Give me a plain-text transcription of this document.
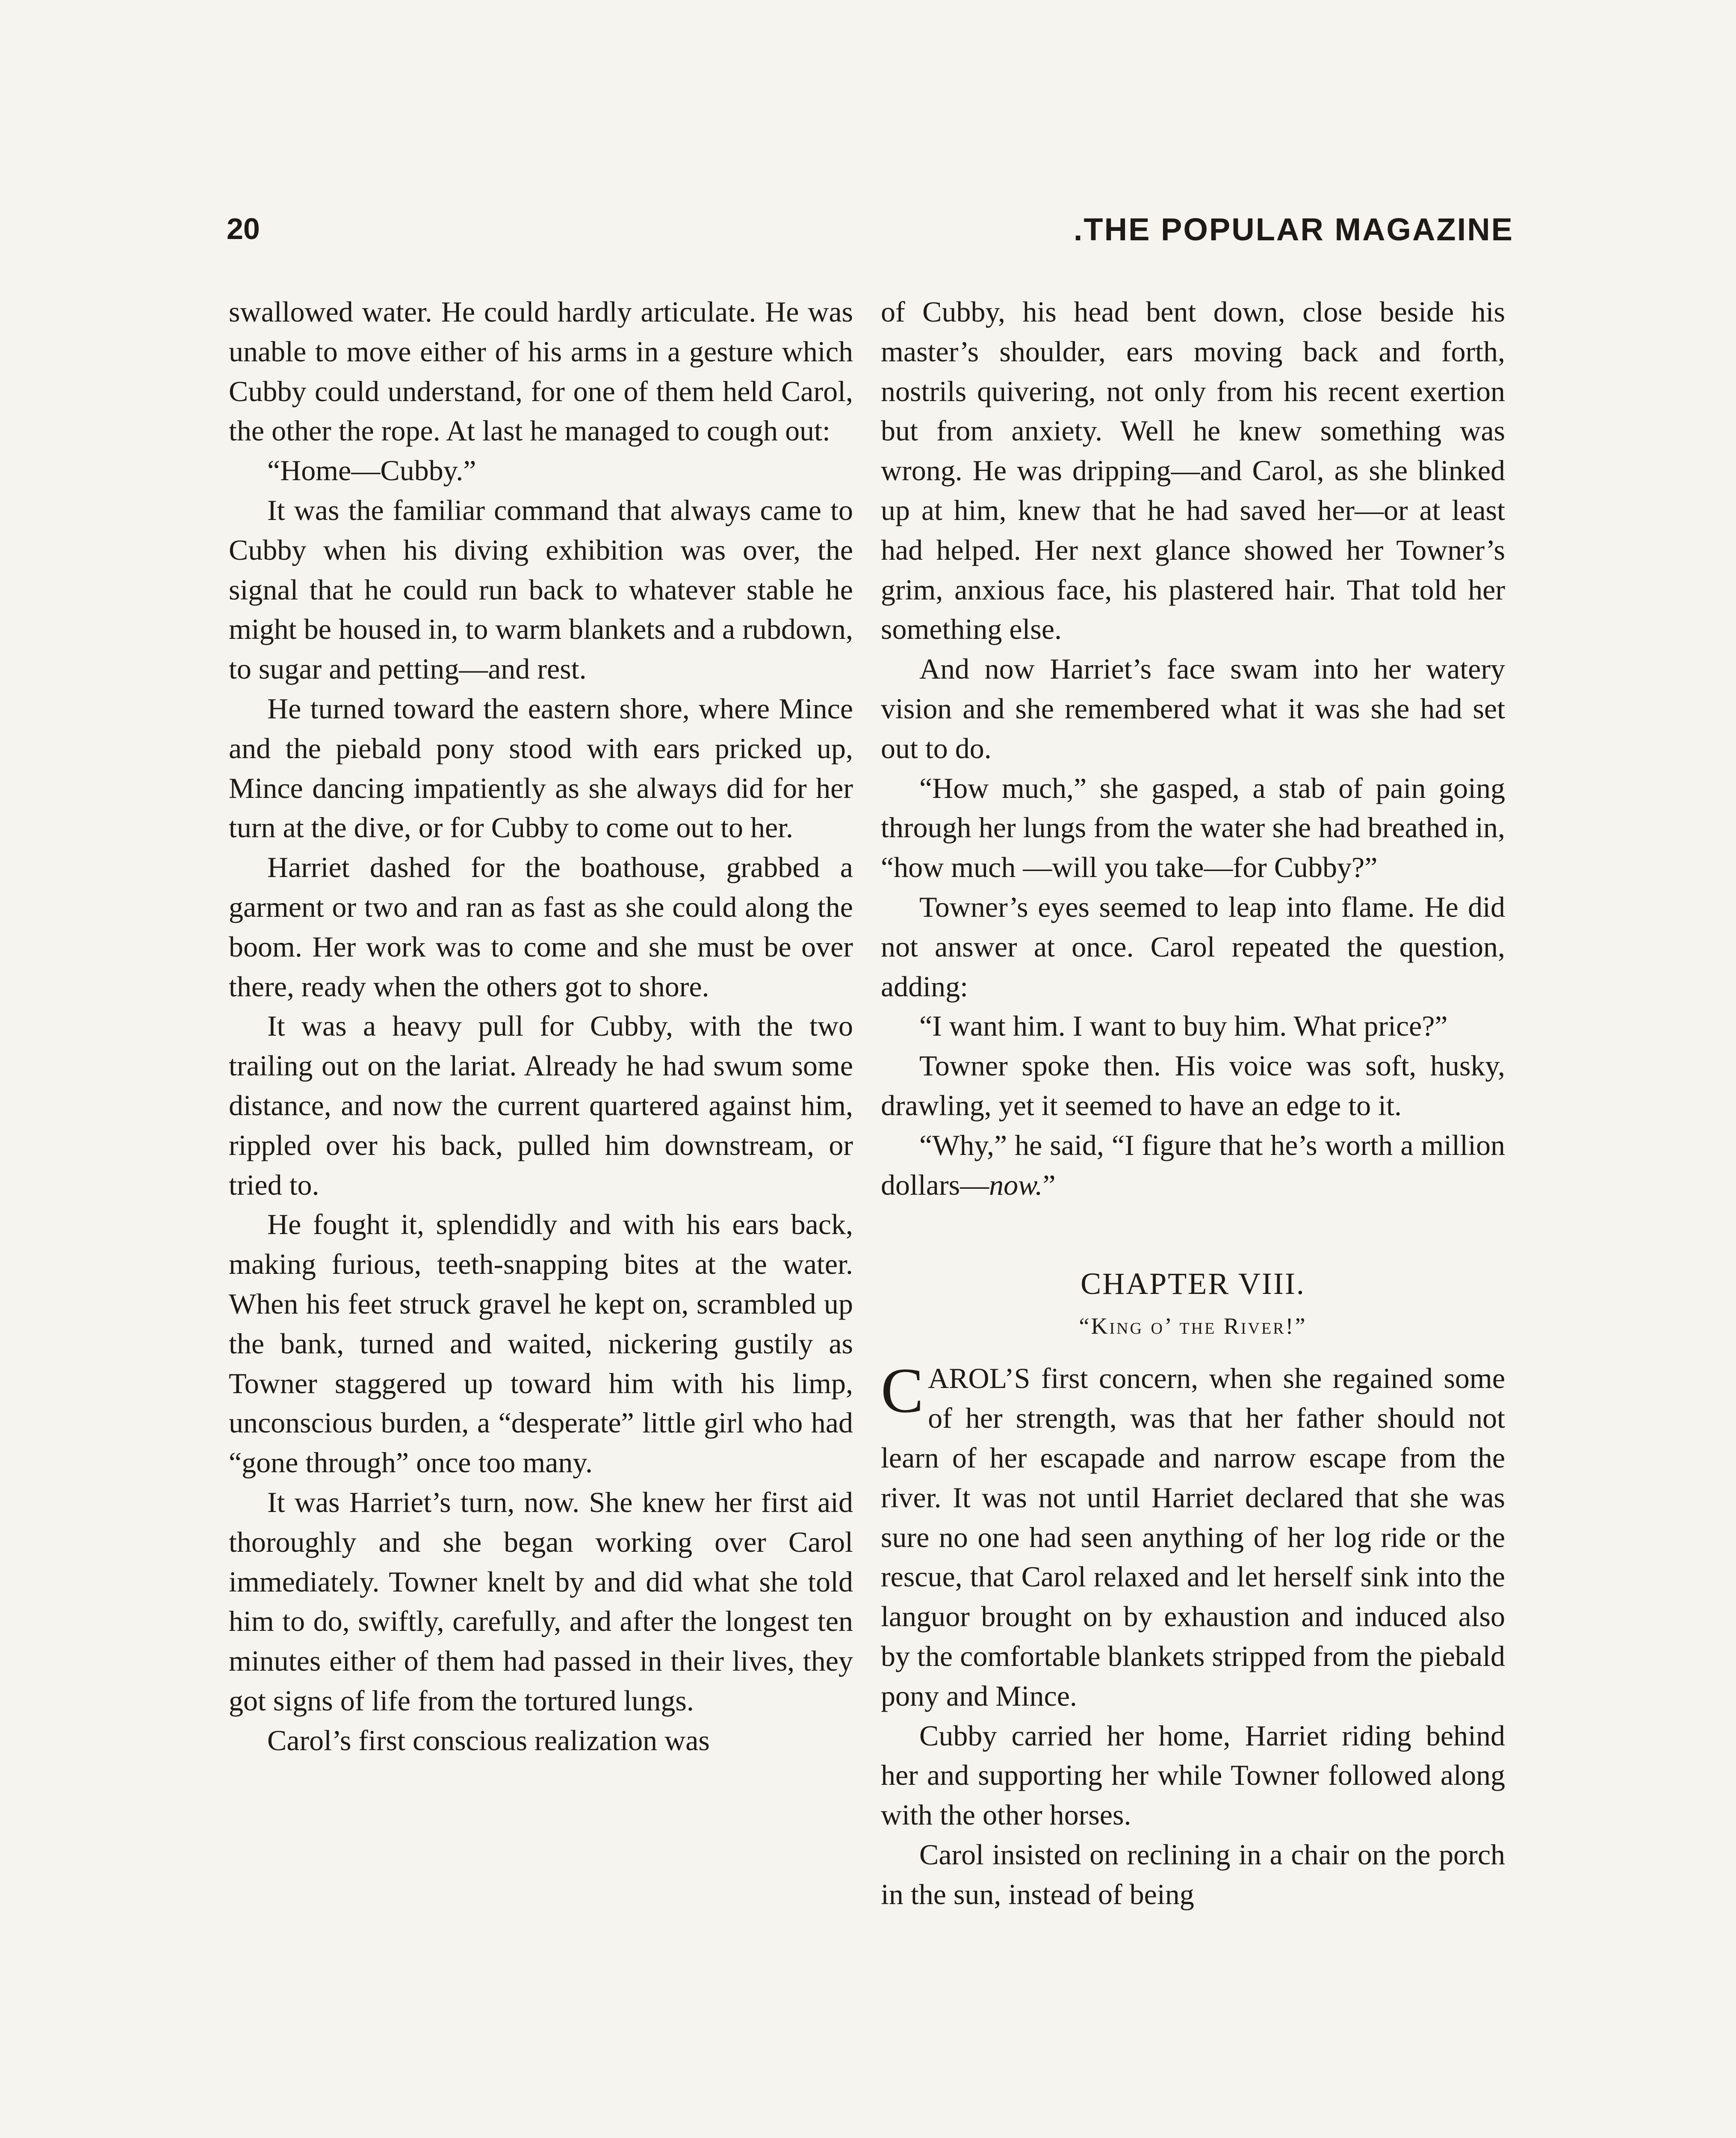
20	.THE POPULAR MAGAZINE

swallowed water. He could hardly articulate. He was unable to move either of his arms in a gesture which Cubby could understand, for one of them held Carol, the other the rope. At last he managed to cough out:

“Home—Cubby.”

It was the familiar command that always came to Cubby when his diving exhibition was over, the signal that he could run back to whatever stable he might be housed in, to warm blankets and a rubdown, to sugar and petting—and rest.

He turned toward the eastern shore, where Mince and the piebald pony stood with ears pricked up, Mince dancing impatiently as she always did for her turn at the dive, or for Cubby to come out to her.

Harriet dashed for the boathouse, grabbed a garment or two and ran as fast as she could along the boom. Her work was to come and she must be over there, ready when the others got to shore.

It was a heavy pull for Cubby, with the two trailing out on the lariat. Already he had swum some distance, and now the current quartered against him, rippled over his back, pulled him downstream, or tried to.

He fought it, splendidly and with his ears back, making furious, teeth-snapping bites at the water. When his feet struck gravel he kept on, scrambled up the bank, turned and waited, nickering gustily as Towner staggered up toward him with his limp, unconscious burden, a “desperate” little girl who had “gone through” once too many.

It was Harriet’s turn, now. She knew her first aid thoroughly and she began working over Carol immediately. Towner knelt by and did what she told him to do, swiftly, carefully, and after the longest ten minutes either of them had passed in their lives, they got signs of life from the tortured lungs.

Carol’s first conscious realization was

of Cubby, his head bent down, close beside his master’s shoulder, ears moving back and forth, nostrils quivering, not only from his recent exertion but from anxiety. Well he knew something was wrong. He was dripping—and Carol, as she blinked up at him, knew that he had saved her—or at least had helped. Her next glance showed her Towner’s grim, anxious face, his plastered hair. That told her something else.

And now Harriet’s face swam into her watery vision and she remembered what it was she had set out to do.

“How much,” she gasped, a stab of pain going through her lungs from the water she had breathed in, “how much —will you take—for Cubby?”

Towner’s eyes seemed to leap into flame. He did not answer at once. Carol repeated the question, adding:

“I want him. I want to buy him. What price?”

Towner spoke then. His voice was soft, husky, drawling, yet it seemed to have an edge to it.

“Why,” he said, “I figure that he’s worth a million dollars—now.”

CHAPTER VIII.
“King o’ the River!”

CAROL’S first concern, when she regained some of her strength, was that her father should not learn of her escapade and narrow escape from the river. It was not until Harriet declared that she was sure no one had seen anything of her log ride or the rescue, that Carol relaxed and let herself sink into the languor brought on by exhaustion and induced also by the comfortable blankets stripped from the piebald pony and Mince.

Cubby carried her home, Harriet riding behind her and supporting her while Towner followed along with the other horses.

Carol insisted on reclining in a chair on the porch in the sun, instead of being
